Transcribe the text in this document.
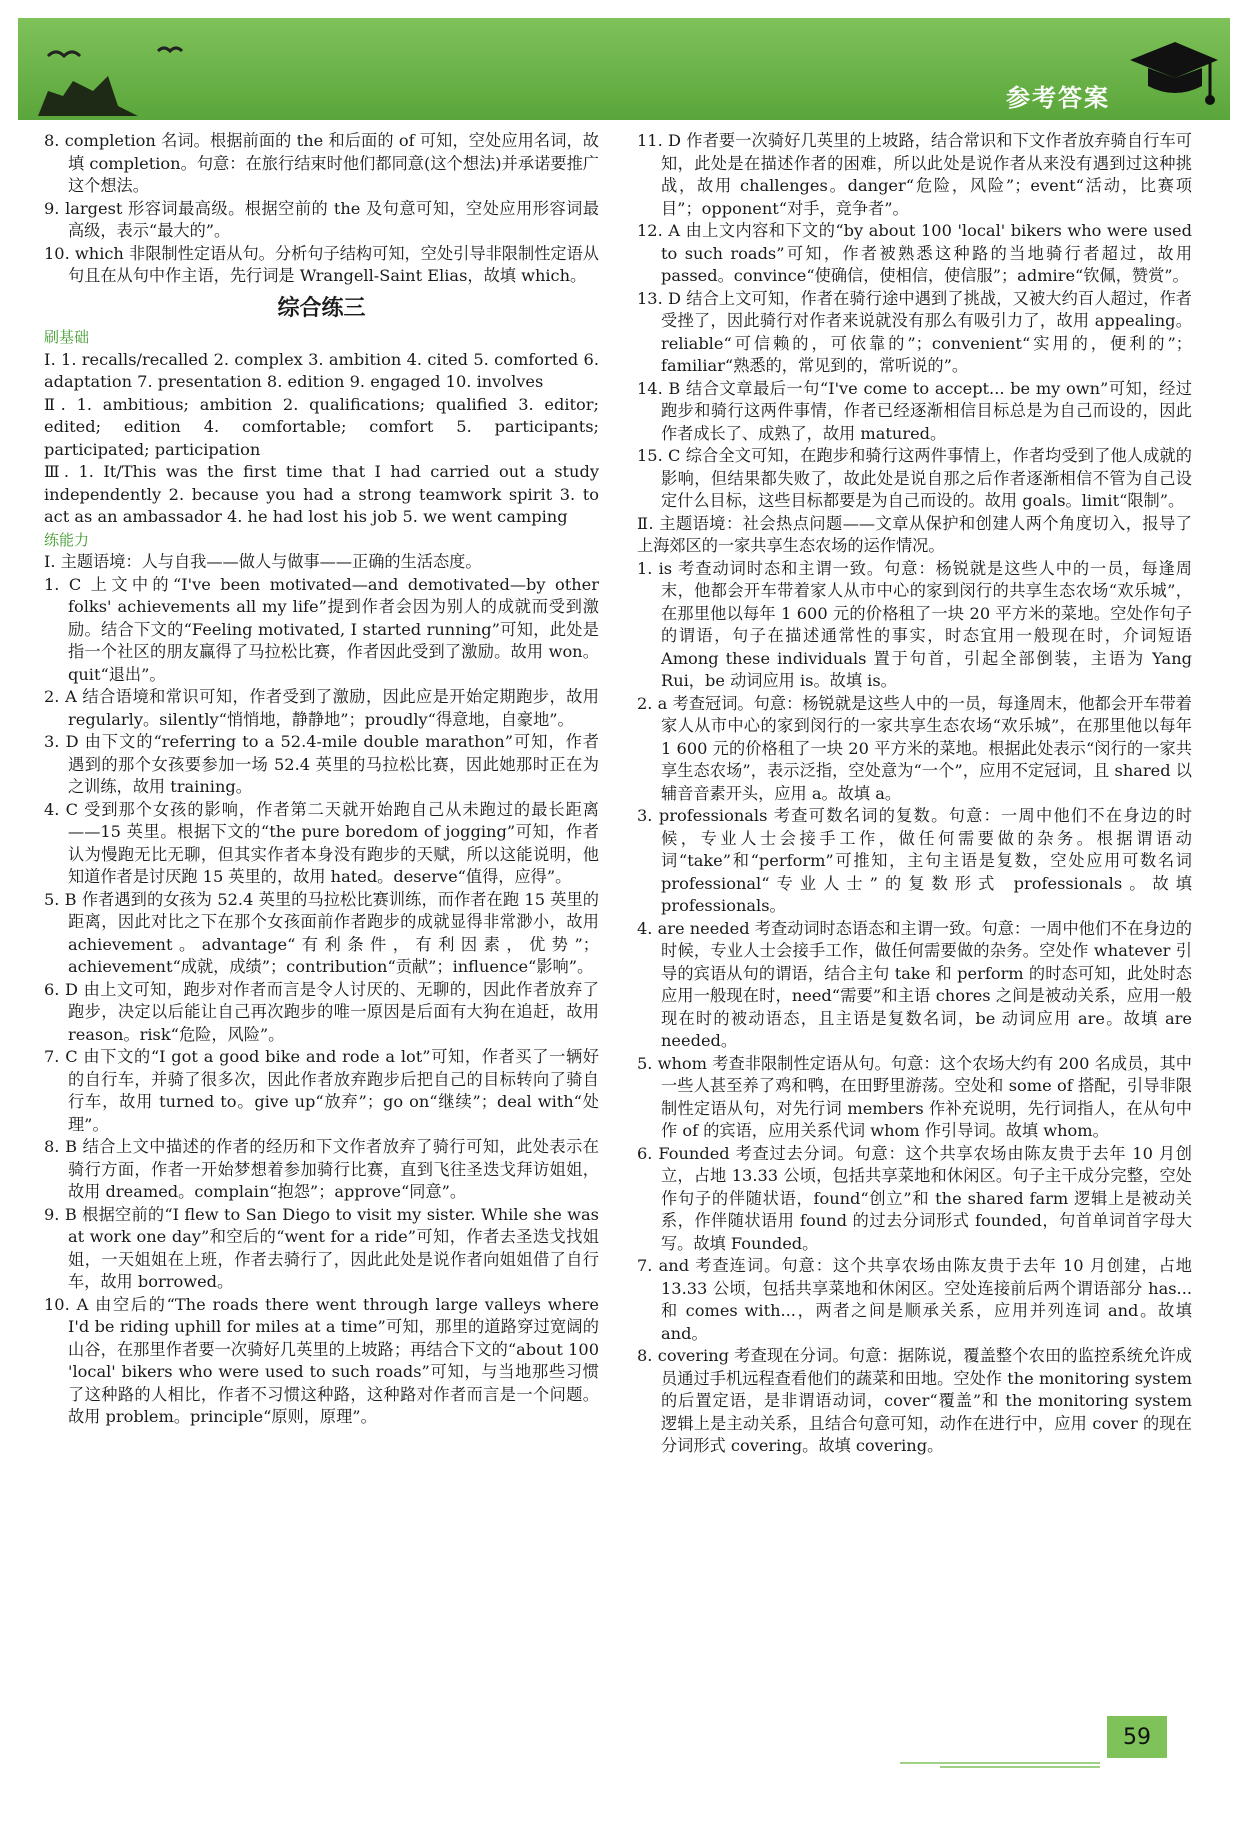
参考答案

8. completion 名词。根据前面的 the 和后面的 of 可知，空处应用名词，故填 completion。句意：在旅行结束时他们都同意(这个想法)并承诺要推广这个想法。

9. largest 形容词最高级。根据空前的 the 及句意可知，空处应用形容词最高级，表示“最大的”。

10. which 非限制性定语从句。分析句子结构可知，空处引导非限制性定语从句且在从句中作主语，先行词是 Wrangell-Saint Elias，故填 which。

综合练三

刷基础

Ⅰ. 1. recalls/recalled 2. complex 3. ambition 4. cited 5. comforted 6. adaptation 7. presentation 8. edition 9. engaged 10. involves

Ⅱ. 1. ambitious; ambition 2. qualifications; qualified 3. editor; edited; edition 4. comfortable; comfort 5. participants; participated; participation

Ⅲ. 1. It/This was the first time that I had carried out a study independently 2. because you had a strong teamwork spirit 3. to act as an ambassador 4. he had lost his job 5. we went camping

练能力

Ⅰ. 主题语境：人与自我——做人与做事——正确的生活态度。

1. C 上文中的“I've been motivated—and demotivated—by other folks' achievements all my life”提到作者会因为别人的成就而受到激励。结合下文的“Feeling motivated, I started running”可知，此处是指一个社区的朋友赢得了马拉松比赛，作者因此受到了激励。故用 won。quit“退出”。

2. A 结合语境和常识可知，作者受到了激励，因此应是开始定期跑步，故用 regularly。silently“悄悄地，静静地”；proudly“得意地，自豪地”。

3. D 由下文的“referring to a 52.4-mile double marathon”可知，作者遇到的那个女孩要参加一场 52.4 英里的马拉松比赛，因此她那时正在为之训练，故用 training。

4. C 受到那个女孩的影响，作者第二天就开始跑自己从未跑过的最长距离——15 英里。根据下文的“the pure boredom of jogging”可知，作者认为慢跑无比无聊，但其实作者本身没有跑步的天赋，所以这能说明，他知道作者是讨厌跑 15 英里的，故用 hated。deserve“值得，应得”。

5. B 作者遇到的女孩为 52.4 英里的马拉松比赛训练，而作者在跑 15 英里的距离，因此对比之下在那个女孩面前作者跑步的成就显得非常渺小，故用 achievement。advantage“有利条件，有利因素，优势”；achievement“成就，成绩”；contribution“贡献”；influence“影响”。

6. D 由上文可知，跑步对作者而言是令人讨厌的、无聊的，因此作者放弃了跑步，决定以后能让自己再次跑步的唯一原因是后面有大狗在追赶，故用 reason。risk“危险，风险”。

7. C 由下文的“I got a good bike and rode a lot”可知，作者买了一辆好的自行车，并骑了很多次，因此作者放弃跑步后把自己的目标转向了骑自行车，故用 turned to。give up“放弃”；go on“继续”；deal with“处理”。

8. B 结合上文中描述的作者的经历和下文作者放弃了骑行可知，此处表示在骑行方面，作者一开始梦想着参加骑行比赛，直到飞往圣迭戈拜访姐姐，故用 dreamed。complain“抱怨”；approve“同意”。

9. B 根据空前的“I flew to San Diego to visit my sister. While she was at work one day”和空后的“went for a ride”可知，作者去圣迭戈找姐姐，一天姐姐在上班，作者去骑行了，因此此处是说作者向姐姐借了自行车，故用 borrowed。

10. A 由空后的“The roads there went through large valleys where I'd be riding uphill for miles at a time”可知，那里的道路穿过宽阔的山谷，在那里作者要一次骑好几英里的上坡路；再结合下文的“about 100 'local' bikers who were used to such roads”可知，与当地那些习惯了这种路的人相比，作者不习惯这种路，这种路对作者而言是一个问题。故用 problem。principle“原则，原理”。

11. D 作者要一次骑好几英里的上坡路，结合常识和下文作者放弃骑自行车可知，此处是在描述作者的困难，所以此处是说作者从来没有遇到过这种挑战，故用 challenges。danger“危险，风险”；event“活动，比赛项目”；opponent“对手，竞争者”。

12. A 由上文内容和下文的“by about 100 'local' bikers who were used to such roads”可知，作者被熟悉这种路的当地骑行者超过，故用 passed。convince“使确信，使相信，使信服”；admire“钦佩，赞赏”。

13. D 结合上文可知，作者在骑行途中遇到了挑战，又被大约百人超过，作者受挫了，因此骑行对作者来说就没有那么有吸引力了，故用 appealing。reliable“可信赖的，可依靠的”；convenient“实用的，便利的”；familiar“熟悉的，常见到的，常听说的”。

14. B 结合文章最后一句“I've come to accept... be my own”可知，经过跑步和骑行这两件事情，作者已经逐渐相信目标总是为自己而设的，因此作者成长了、成熟了，故用 matured。

15. C 综合全文可知，在跑步和骑行这两件事情上，作者均受到了他人成就的影响，但结果都失败了，故此处是说自那之后作者逐渐相信不管为自己设定什么目标，这些目标都要是为自己而设的。故用 goals。limit“限制”。

Ⅱ. 主题语境：社会热点问题——文章从保护和创建人两个角度切入，报导了上海郊区的一家共享生态农场的运作情况。

1. is 考查动词时态和主谓一致。句意：杨锐就是这些人中的一员，每逢周末，他都会开车带着家人从市中心的家到闵行的共享生态农场“欢乐城”，在那里他以每年 1 600 元的价格租了一块 20 平方米的菜地。空处作句子的谓语，句子在描述通常性的事实，时态宜用一般现在时，介词短语 Among these individuals 置于句首，引起全部倒装，主语为 Yang Rui，be 动词应用 is。故填 is。

2. a 考查冠词。句意：杨锐就是这些人中的一员，每逢周末，他都会开车带着家人从市中心的家到闵行的一家共享生态农场“欢乐城”，在那里他以每年 1 600 元的价格租了一块 20 平方米的菜地。根据此处表示“闵行的一家共享生态农场”，表示泛指，空处意为“一个”，应用不定冠词，且 shared 以辅音音素开头，应用 a。故填 a。

3. professionals 考查可数名词的复数。句意：一周中他们不在身边的时候，专业人士会接手工作，做任何需要做的杂务。根据谓语动词“take”和“perform”可推知，主句主语是复数，空处应用可数名词 professional“专业人士”的复数形式 professionals。故填 professionals。

4. are needed 考查动词时态语态和主谓一致。句意：一周中他们不在身边的时候，专业人士会接手工作，做任何需要做的杂务。空处作 whatever 引导的宾语从句的谓语，结合主句 take 和 perform 的时态可知，此处时态应用一般现在时，need“需要”和主语 chores 之间是被动关系，应用一般现在时的被动语态，且主语是复数名词，be 动词应用 are。故填 are needed。

5. whom 考查非限制性定语从句。句意：这个农场大约有 200 名成员，其中一些人甚至养了鸡和鸭，在田野里游荡。空处和 some of 搭配，引导非限制性定语从句，对先行词 members 作补充说明，先行词指人，在从句中作 of 的宾语，应用关系代词 whom 作引导词。故填 whom。

6. Founded 考查过去分词。句意：这个共享农场由陈友贵于去年 10 月创立，占地 13.33 公顷，包括共享菜地和休闲区。句子主干成分完整，空处作句子的伴随状语，found“创立”和 the shared farm 逻辑上是被动关系，作伴随状语用 found 的过去分词形式 founded，句首单词首字母大写。故填 Founded。

7. and 考查连词。句意：这个共享农场由陈友贵于去年 10 月创建，占地 13.33 公顷，包括共享菜地和休闲区。空处连接前后两个谓语部分 has... 和 comes with...，两者之间是顺承关系，应用并列连词 and。故填 and。

8. covering 考查现在分词。句意：据陈说，覆盖整个农田的监控系统允许成员通过手机远程查看他们的蔬菜和田地。空处作 the monitoring system 的后置定语，是非谓语动词，cover“覆盖”和 the monitoring system 逻辑上是主动关系，且结合句意可知，动作在进行中，应用 cover 的现在分词形式 covering。故填 covering。

59
